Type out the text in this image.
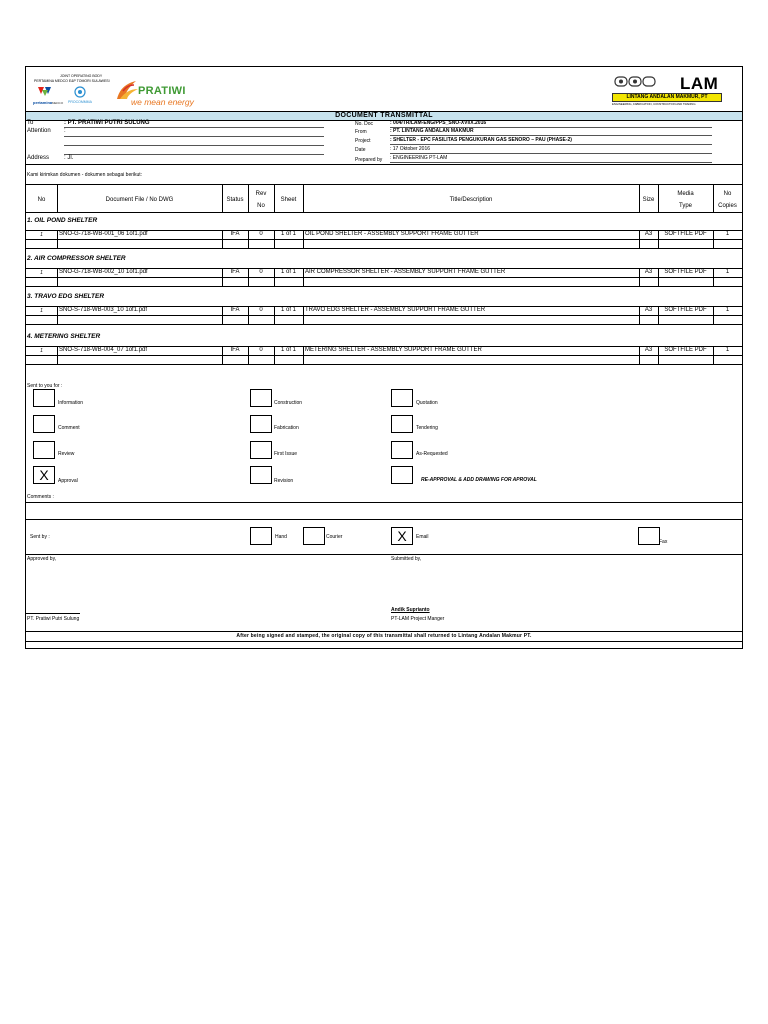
JOINT OPERATING BODY
PERTAMINA MEDCO E&P TOMORI SULAWESI
pertamina	PROCOMMMA
MEDCO
PRATIWI
we mean energy
LAM
LINTANG ANDALAN MAKMUR, PT
ENGINEERING, FABRICATION, CONSTRUCTION AND TRADING
DOCUMENT TRANSMITTAL
To	: PT. PRATIWI PUTRI SULUNG
Attention :
Address : Jl.
No. Doc	: 004/TR/LAM-ENG/PPS_SNO-XVI/X.2016
From	: PT. LINTANG ANDALAN MAKMUR
Project	: SHELTER - EPC FASILITAS PENGUKURAN GAS SENORO – PAU (PHASE-2)
Date	: 17 Oktober 2016
Prepared by : ENGINEERING PT-LAM
Kami kirimkan dokumen - dokumen sebagai berikut:
No	Document File / No DWG	Status
Rev
No
Sheet	Title/Description	Size
Media
Type
No
Copies
1. OIL POND SHELTER
1	SNO-G-718-WB-001_06 1of1.pdf	IFA	0	1 of 1	OIL POND SHELTER - ASSEMBLY SUPPORT FRAME GUTTER	A3	SOFTFILE PDF	1
2. AIR COMPRESSOR SHELTER
1	SNO-G-718-WB-002_10 1of1.pdf	IFA	0	1 of 1	AIR COMPRESSOR SHELTER - ASSEMBLY SUPPORT FRAME GUTTER	A3	SOFTFILE PDF	1
3. TRAVO EDG SHELTER
1	SNO-S-718-WB-003_10 1of1.pdf	IFA	0	1 of 1	TRAVO EDG SHELTER - ASSEMBLY SUPPORT FRAME GUTTER	A3	SOFTFILE PDF	1
4. METERING SHELTER
1	SNO-S-718-WB-004_07 1of1.pdf	IFA	0	1 of 1	METERING SHELTER - ASSEMBLY SUPPORT FRAME GUTTER	A3	SOFTFILE PDF	1
Sent to you for :
Information
Comment
Review
X	Approval
Construction
Fabrication
First Issue
Revision
Quotation
Tendering
As-Requested
RE-APPROVAL & ADD DRAWING FOR APROVAL
Comments :
Sent by :	Hand	Courier	X	Email
Fax
Approved by,	Submitted by,
Andik Suprianto
PT. Pratiwi Putri Sulung	PT-LAM Project Manger
After being signed and stamped, the original copy of this transmittal shall returned to Lintang Andalan Makmur PT.
